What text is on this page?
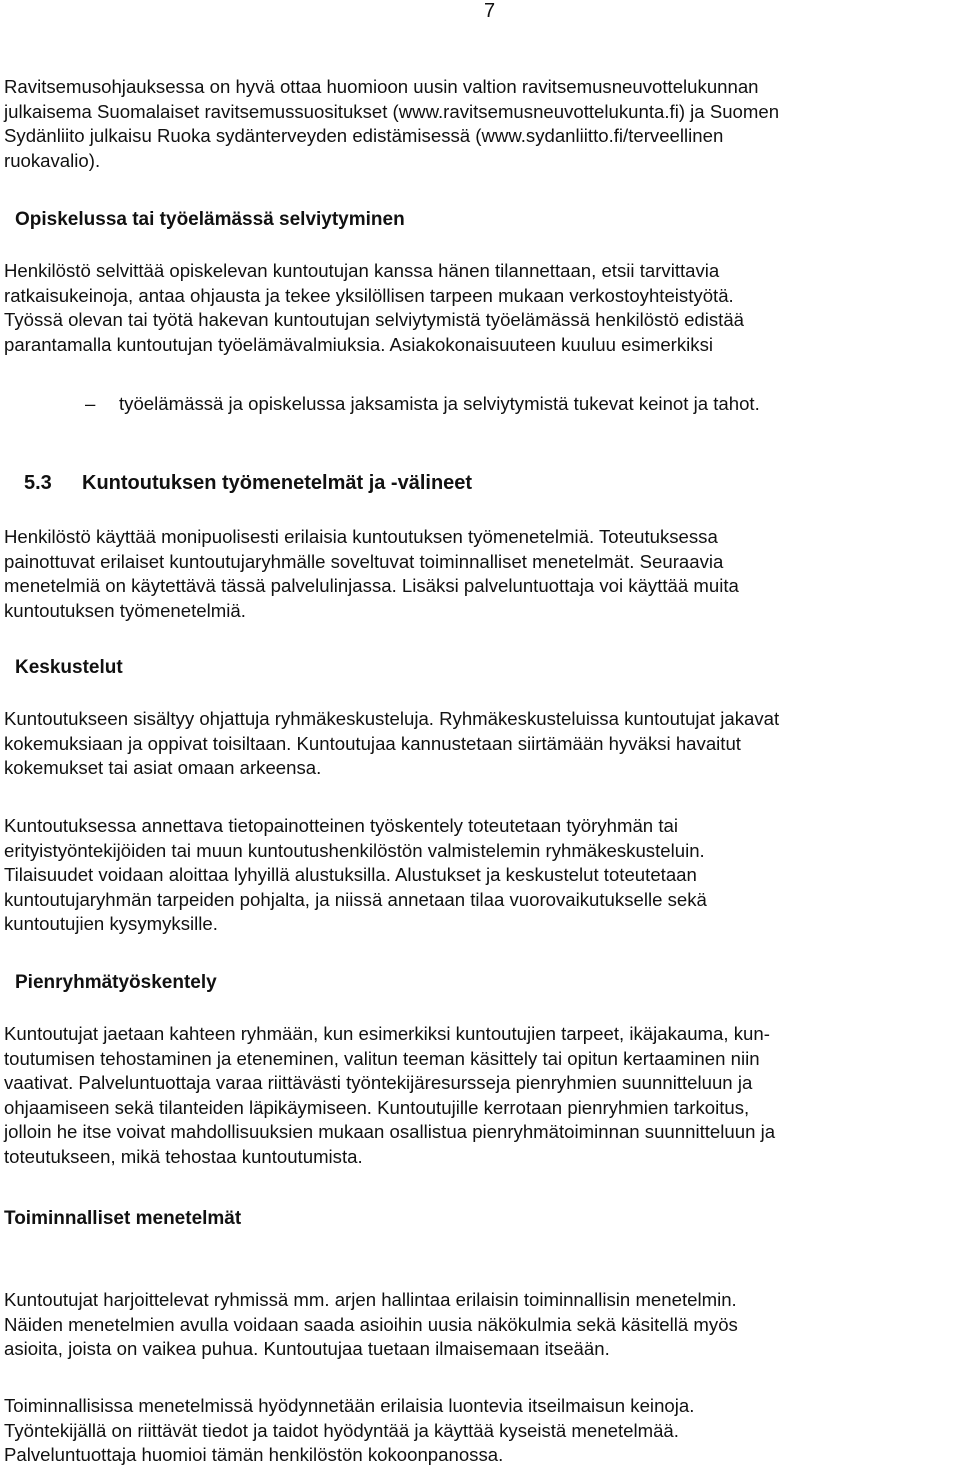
7
Ravitsemusohjauksessa on hyvä ottaa huomioon uusin valtion ravitsemusneuvottelukunnan
julkaisema Suomalaiset ravitsemussuositukset (www.ravitsemusneuvottelukunta.fi) ja Suomen
Sydänliito julkaisu Ruoka sydänterveyden edistämisessä (www.sydanliitto.fi/terveellinen
ruokavalio).
Opiskelussa tai työelämässä selviytyminen
Henkilöstö selvittää opiskelevan kuntoutujan kanssa hänen tilannettaan, etsii tarvittavia
ratkaisukeinoja, antaa ohjausta ja tekee yksilöllisen tarpeen mukaan verkostoyhteistyötä.
Työssä olevan tai työtä hakevan kuntoutujan selviytymistä työelämässä henkilöstö edistää
parantamalla kuntoutujan työelämävalmiuksia. Asiakokonaisuuteen kuuluu esimerkiksi
– työelämässä ja opiskelussa jaksamista ja selviytymistä tukevat keinot ja tahot.
5.3 Kuntoutuksen työmenetelmät ja -välineet
Henkilöstö käyttää monipuolisesti erilaisia kuntoutuksen työmenetelmiä. Toteutuksessa
painottuvat erilaiset kuntoutujaryhmälle soveltuvat toiminnalliset menetelmät. Seuraavia
menetelmiä on käytettävä tässä palvelulinjassa. Lisäksi palveluntuottaja voi käyttää muita
kuntoutuksen työmenetelmiä.
Keskustelut
Kuntoutukseen sisältyy ohjattuja ryhmäkeskusteluja. Ryhmäkeskusteluissa kuntoutujat jakavat
kokemuksiaan ja oppivat toisiltaan. Kuntoutujaa kannustetaan siirtämään hyväksi havaitut
kokemukset tai asiat omaan arkeensa.
Kuntoutuksessa annettava tietopainotteinen työskentely toteutetaan työryhmän tai
erityistyöntekijöiden tai muun kuntoutushenkilöstön valmistelemin ryhmäkeskusteluin.
Tilaisuudet voidaan aloittaa lyhyillä alustuksilla. Alustukset ja keskustelut toteutetaan
kuntoutujaryhmän tarpeiden pohjalta, ja niissä annetaan tilaa vuorovaikutukselle sekä
kuntoutujien kysymyksille.
Pienryhmätyöskentely
Kuntoutujat jaetaan kahteen ryhmään, kun esimerkiksi kuntoutujien tarpeet, ikäjakauma, kun-
toutumisen tehostaminen ja eteneminen, valitun teeman käsittely tai opitun kertaaminen niin
vaativat. Palveluntuottaja varaa riittävästi työntekijäresursseja pienryhmien suunnitteluun ja
ohjaamiseen sekä tilanteiden läpikäymiseen. Kuntoutujille kerrotaan pienryhmien tarkoitus,
jolloin he itse voivat mahdollisuuksien mukaan osallistua pienryhmätoiminnan suunnitteluun ja
toteutukseen, mikä tehostaa kuntoutumista.
Toiminnalliset menetelmät
Kuntoutujat harjoittelevat ryhmissä mm. arjen hallintaa erilaisin toiminnallisin menetelmin.
Näiden menetelmien avulla voidaan saada asioihin uusia näkökulmia sekä käsitellä myös
asioita, joista on vaikea puhua. Kuntoutujaa tuetaan ilmaisemaan itseään.
Toiminnallisissa menetelmissä hyödynnetään erilaisia luontevia itseilmaisun keinoja.
Työntekijällä on riittävät tiedot ja taidot hyödyntää ja käyttää kyseistä menetelmää.
Palveluntuottaja huomioi tämän henkilöstön kokoonpanossa.
